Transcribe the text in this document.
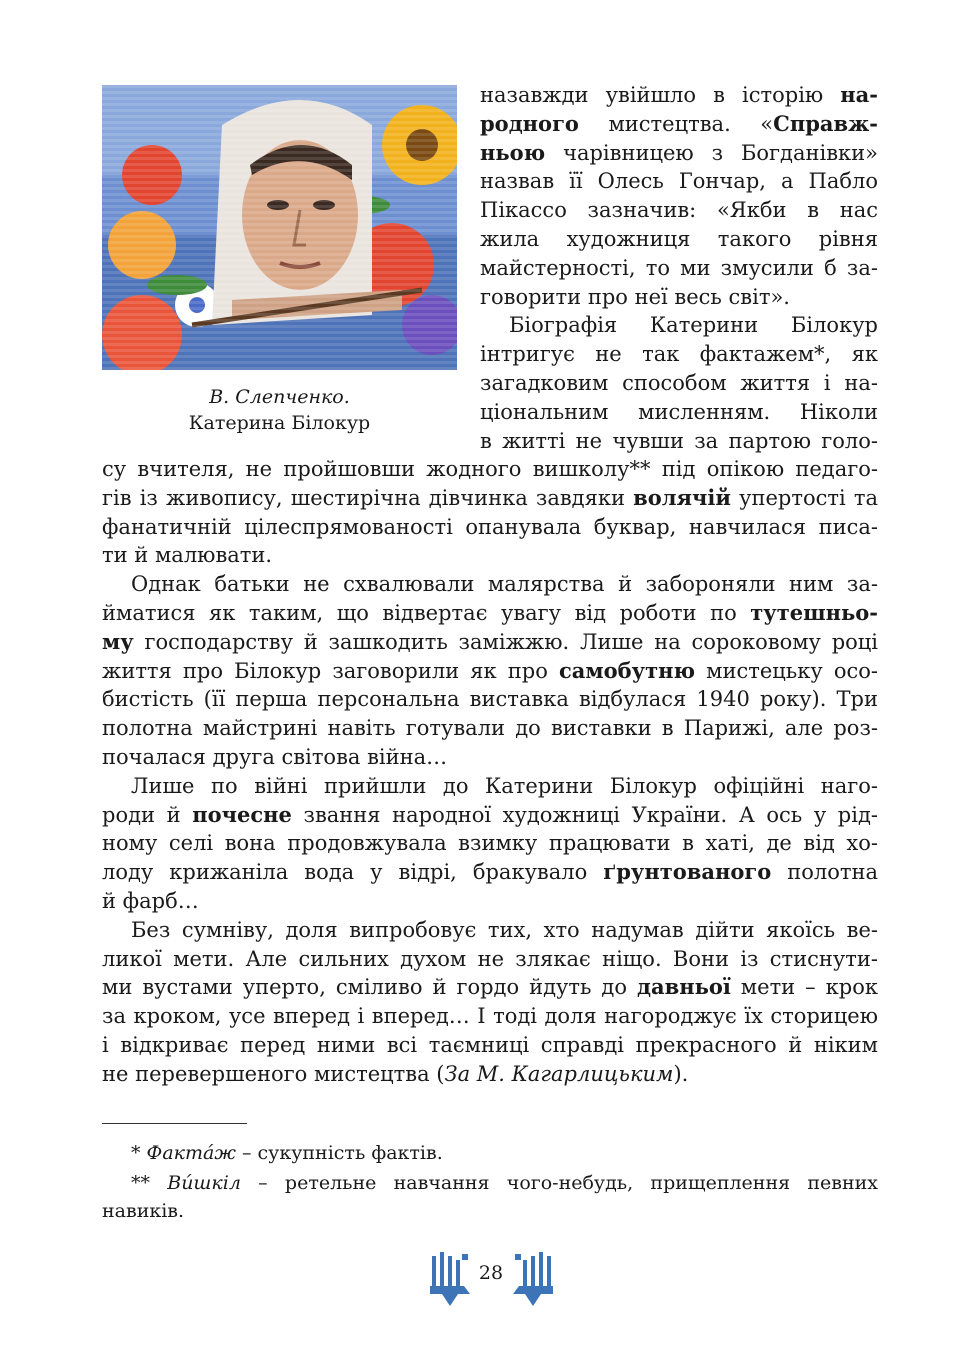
В. Слепченко.
Катерина Білокур
назавжди увійшло в історію на-
родного мистецтва. «Справж-
ньою чарівницею з Богданівки»
назвав її Олесь Гончар, а Пабло
Пікассо зазначив: «Якби в нас
жила художниця такого рівня
майстерності, то ми змусили б за-
говорити про неї весь світ».
Біографія Катерини Білокур
інтригує не так фактажем*, як
загадковим способом життя і на-
ціональним мисленням. Ніколи
в житті не чувши за партою голо-
су вчителя, не пройшовши жодного вишколу** під опікою педаго-
гів із живопису, шестирічна дівчинка завдяки волячій упертості та
фанатичній цілеспрямованості опанувала буквар, навчилася писа-
ти й малювати.
Однак батьки не схвалювали малярства й забороняли ним за-
йматися як таким, що відвертає увагу від роботи по тутешньо-
му господарству й зашкодить заміжжю. Лише на сороковому році
життя про Білокур заговорили як про самобутню мистецьку осо-
бистість (її перша персональна виставка відбулася 1940 року). Три
полотна майстрині навіть готували до виставки в Парижі, але роз-
почалася друга світова війна…
Лише по війні прийшли до Катерини Білокур офіційні наго-
роди й почесне звання народної художниці України. А ось у рід-
ному селі вона продовжувала взимку працювати в хаті, де від хо-
лоду крижаніла вода у відрі, бракувало ґрунтованого полотна
й фарб…
Без сумніву, доля випробовує тих, хто надумав дійти якоїсь ве-
ликої мети. Але сильних духом не злякає ніщо. Вони із стиснути-
ми вустами уперто, сміливо й гордо йдуть до давньої мети – крок
за кроком, усе вперед і вперед… І тоді доля нагороджує їх сторицею
і відкриває перед ними всі таємниці справді прекрасного й ніким
не перевершеного мистецтва (За М. Кагарлицьким).
* Факта́ж – сукупність фактів.
** Ви́шкіл – ретельне навчання чого-небудь, прищеплення певних
навиків.
28
